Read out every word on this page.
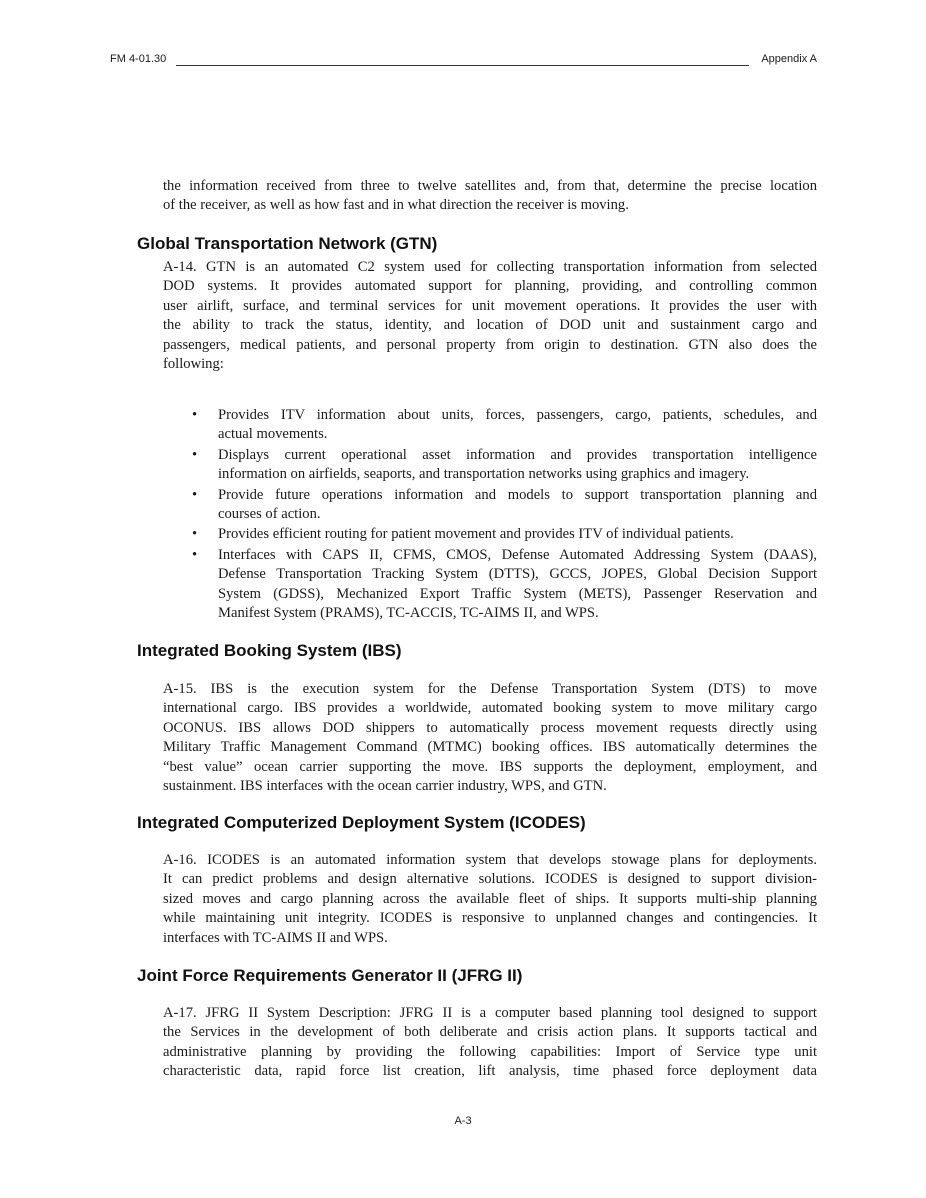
FM 4-01.30	Appendix A
the information received from three to twelve satellites and, from that, determine the precise location
of the receiver, as well as how fast and in what direction the receiver is moving.
Global Transportation Network (GTN)
A-14. GTN is an automated C2 system used for collecting transportation information from selected
DOD systems. It provides automated support for planning, providing, and controlling common
user airlift, surface, and terminal services for unit movement operations. It provides the user with
the ability to track the status, identity, and location of DOD unit and sustainment cargo and
passengers, medical patients, and personal property from origin to destination. GTN also does the
following:
• Provides ITV information about units, forces, passengers, cargo, patients, schedules, and
actual movements.
• Displays current operational asset information and provides transportation intelligence
information on airfields, seaports, and transportation networks using graphics and imagery.
• Provide future operations information and models to support transportation planning and
courses of action.
• Provides efficient routing for patient movement and provides ITV of individual patients.
• Interfaces with CAPS II, CFMS, CMOS, Defense Automated Addressing System (DAAS),
Defense Transportation Tracking System (DTTS), GCCS, JOPES, Global Decision Support
System (GDSS), Mechanized Export Traffic System (METS), Passenger Reservation and
Manifest System (PRAMS), TC-ACCIS, TC-AIMS II, and WPS.
Integrated Booking System (IBS)
A-15. IBS is the execution system for the Defense Transportation System (DTS) to move
international cargo. IBS provides a worldwide, automated booking system to move military cargo
OCONUS. IBS allows DOD shippers to automatically process movement requests directly using
Military Traffic Management Command (MTMC) booking offices. IBS automatically determines the
“best value” ocean carrier supporting the move. IBS supports the deployment, employment, and
sustainment. IBS interfaces with the ocean carrier industry, WPS, and GTN.
Integrated Computerized Deployment System (ICODES)
A-16. ICODES is an automated information system that develops stowage plans for deployments.
It can predict problems and design alternative solutions. ICODES is designed to support division-
sized moves and cargo planning across the available fleet of ships. It supports multi-ship planning
while maintaining unit integrity. ICODES is responsive to unplanned changes and contingencies. It
interfaces with TC-AIMS II and WPS.
Joint Force Requirements Generator II (JFRG II)
A-17. JFRG II System Description: JFRG II is a computer based planning tool designed to support
the Services in the development of both deliberate and crisis action plans. It supports tactical and
administrative planning by providing the following capabilities: Import of Service type unit
characteristic data, rapid force list creation, lift analysis, time phased force deployment data
A-3
